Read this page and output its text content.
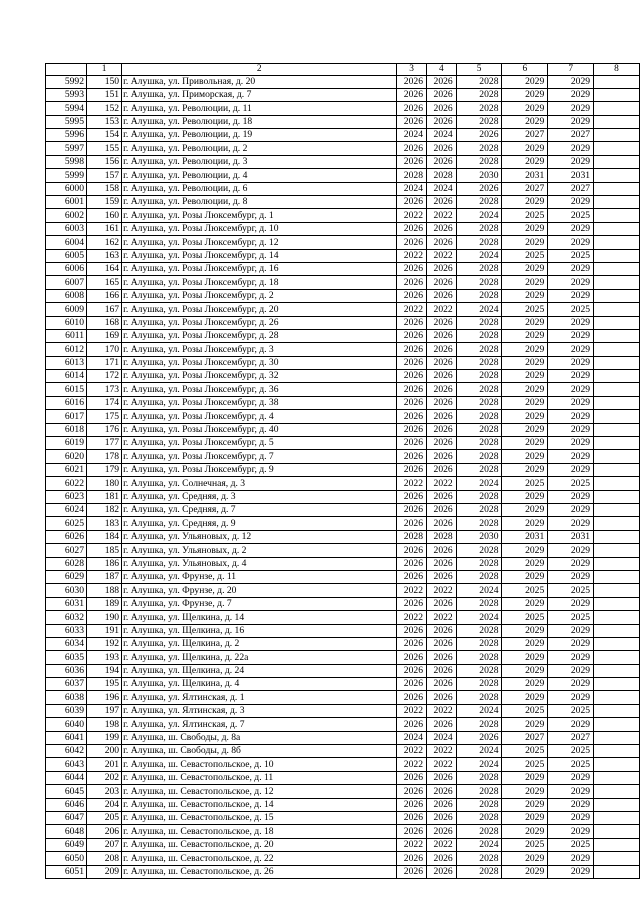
	1	2	3	4	5	6	7	8
5992	150	г. Алушка, ул. Привольная, д. 20	2026	2026	2028	2029	2029	
5993	151	г. Алушка, ул. Приморская, д. 7	2026	2026	2028	2029	2029	
5994	152	г. Алушка, ул. Революции, д. 11	2026	2026	2028	2029	2029	
5995	153	г. Алушка, ул. Революции, д. 18	2026	2026	2028	2029	2029	
5996	154	г. Алушка, ул. Революции, д. 19	2024	2024	2026	2027	2027	
5997	155	г. Алушка, ул. Революции, д. 2	2026	2026	2028	2029	2029	
5998	156	г. Алушка, ул. Революции, д. 3	2026	2026	2028	2029	2029	
5999	157	г. Алушка, ул. Революции, д. 4	2028	2028	2030	2031	2031	
6000	158	г. Алушка, ул. Революции, д. 6	2024	2024	2026	2027	2027	
6001	159	г. Алушка, ул. Революции, д. 8	2026	2026	2028	2029	2029	
6002	160	г. Алушка, ул. Розы Люксембург, д. 1	2022	2022	2024	2025	2025	
6003	161	г. Алушка, ул. Розы Люксембург, д. 10	2026	2026	2028	2029	2029	
6004	162	г. Алушка, ул. Розы Люксембург, д. 12	2026	2026	2028	2029	2029	
6005	163	г. Алушка, ул. Розы Люксембург, д. 14	2022	2022	2024	2025	2025	
6006	164	г. Алушка, ул. Розы Люксембург, д. 16	2026	2026	2028	2029	2029	
6007	165	г. Алушка, ул. Розы Люксембург, д. 18	2026	2026	2028	2029	2029	
6008	166	г. Алушка, ул. Розы Люксембург, д. 2	2026	2026	2028	2029	2029	
6009	167	г. Алушка, ул. Розы Люксембург, д. 20	2022	2022	2024	2025	2025	
6010	168	г. Алушка, ул. Розы Люксембург, д. 26	2026	2026	2028	2029	2029	
6011	169	г. Алушка, ул. Розы Люксембург, д. 28	2026	2026	2028	2029	2029	
6012	170	г. Алушка, ул. Розы Люксембург, д. 3	2026	2026	2028	2029	2029	
6013	171	г. Алушка, ул. Розы Люксембург, д. 30	2026	2026	2028	2029	2029	
6014	172	г. Алушка, ул. Розы Люксембург, д. 32	2026	2026	2028	2029	2029	
6015	173	г. Алушка, ул. Розы Люксембург, д. 36	2026	2026	2028	2029	2029	
6016	174	г. Алушка, ул. Розы Люксембург, д. 38	2026	2026	2028	2029	2029	
6017	175	г. Алушка, ул. Розы Люксембург, д. 4	2026	2026	2028	2029	2029	
6018	176	г. Алушка, ул. Розы Люксембург, д. 40	2026	2026	2028	2029	2029	
6019	177	г. Алушка, ул. Розы Люксембург, д. 5	2026	2026	2028	2029	2029	
6020	178	г. Алушка, ул. Розы Люксембург, д. 7	2026	2026	2028	2029	2029	
6021	179	г. Алушка, ул. Розы Люксембург, д. 9	2026	2026	2028	2029	2029	
6022	180	г. Алушка, ул. Солнечная, д. 3	2022	2022	2024	2025	2025	
6023	181	г. Алушка, ул. Средняя, д. 3	2026	2026	2028	2029	2029	
6024	182	г. Алушка, ул. Средняя, д. 7	2026	2026	2028	2029	2029	
6025	183	г. Алушка, ул. Средняя, д. 9	2026	2026	2028	2029	2029	
6026	184	г. Алушка, ул. Ульяновых, д. 12	2028	2028	2030	2031	2031	
6027	185	г. Алушка, ул. Ульяновых, д. 2	2026	2026	2028	2029	2029	
6028	186	г. Алушка, ул. Ульяновых, д. 4	2026	2026	2028	2029	2029	
6029	187	г. Алушка, ул. Фрунзе, д. 11	2026	2026	2028	2029	2029	
6030	188	г. Алушка, ул. Фрунзе, д. 20	2022	2022	2024	2025	2025	
6031	189	г. Алушка, ул. Фрунзе, д. 7	2026	2026	2028	2029	2029	
6032	190	г. Алушка, ул. Щелкина, д. 14	2022	2022	2024	2025	2025	
6033	191	г. Алушка, ул. Щелкина, д. 16	2026	2026	2028	2029	2029	
6034	192	г. Алушка, ул. Щелкина, д. 2	2026	2026	2028	2029	2029	
6035	193	г. Алушка, ул. Щелкина, д. 22а	2026	2026	2028	2029	2029	
6036	194	г. Алушка, ул. Щелкина, д. 24	2026	2026	2028	2029	2029	
6037	195	г. Алушка, ул. Щелкина, д. 4	2026	2026	2028	2029	2029	
6038	196	г. Алушка, ул. Ялтинская, д. 1	2026	2026	2028	2029	2029	
6039	197	г. Алушка, ул. Ялтинская, д. 3	2022	2022	2024	2025	2025	
6040	198	г. Алушка, ул. Ялтинская, д. 7	2026	2026	2028	2029	2029	
6041	199	г. Алушка, ш. Свободы, д. 8а	2024	2024	2026	2027	2027	
6042	200	г. Алушка, ш. Свободы, д. 8б	2022	2022	2024	2025	2025	
6043	201	г. Алушка, ш. Севастопольское, д. 10	2022	2022	2024	2025	2025	
6044	202	г. Алушка, ш. Севастопольское, д. 11	2026	2026	2028	2029	2029	
6045	203	г. Алушка, ш. Севастопольское, д. 12	2026	2026	2028	2029	2029	
6046	204	г. Алушка, ш. Севастопольское, д. 14	2026	2026	2028	2029	2029	
6047	205	г. Алушка, ш. Севастопольское, д. 15	2026	2026	2028	2029	2029	
6048	206	г. Алушка, ш. Севастопольское, д. 18	2026	2026	2028	2029	2029	
6049	207	г. Алушка, ш. Севастопольское, д. 20	2022	2022	2024	2025	2025	
6050	208	г. Алушка, ш. Севастопольское, д. 22	2026	2026	2028	2029	2029	
6051	209	г. Алушка, ш. Севастопольское, д. 26	2026	2026	2028	2029	2029	
